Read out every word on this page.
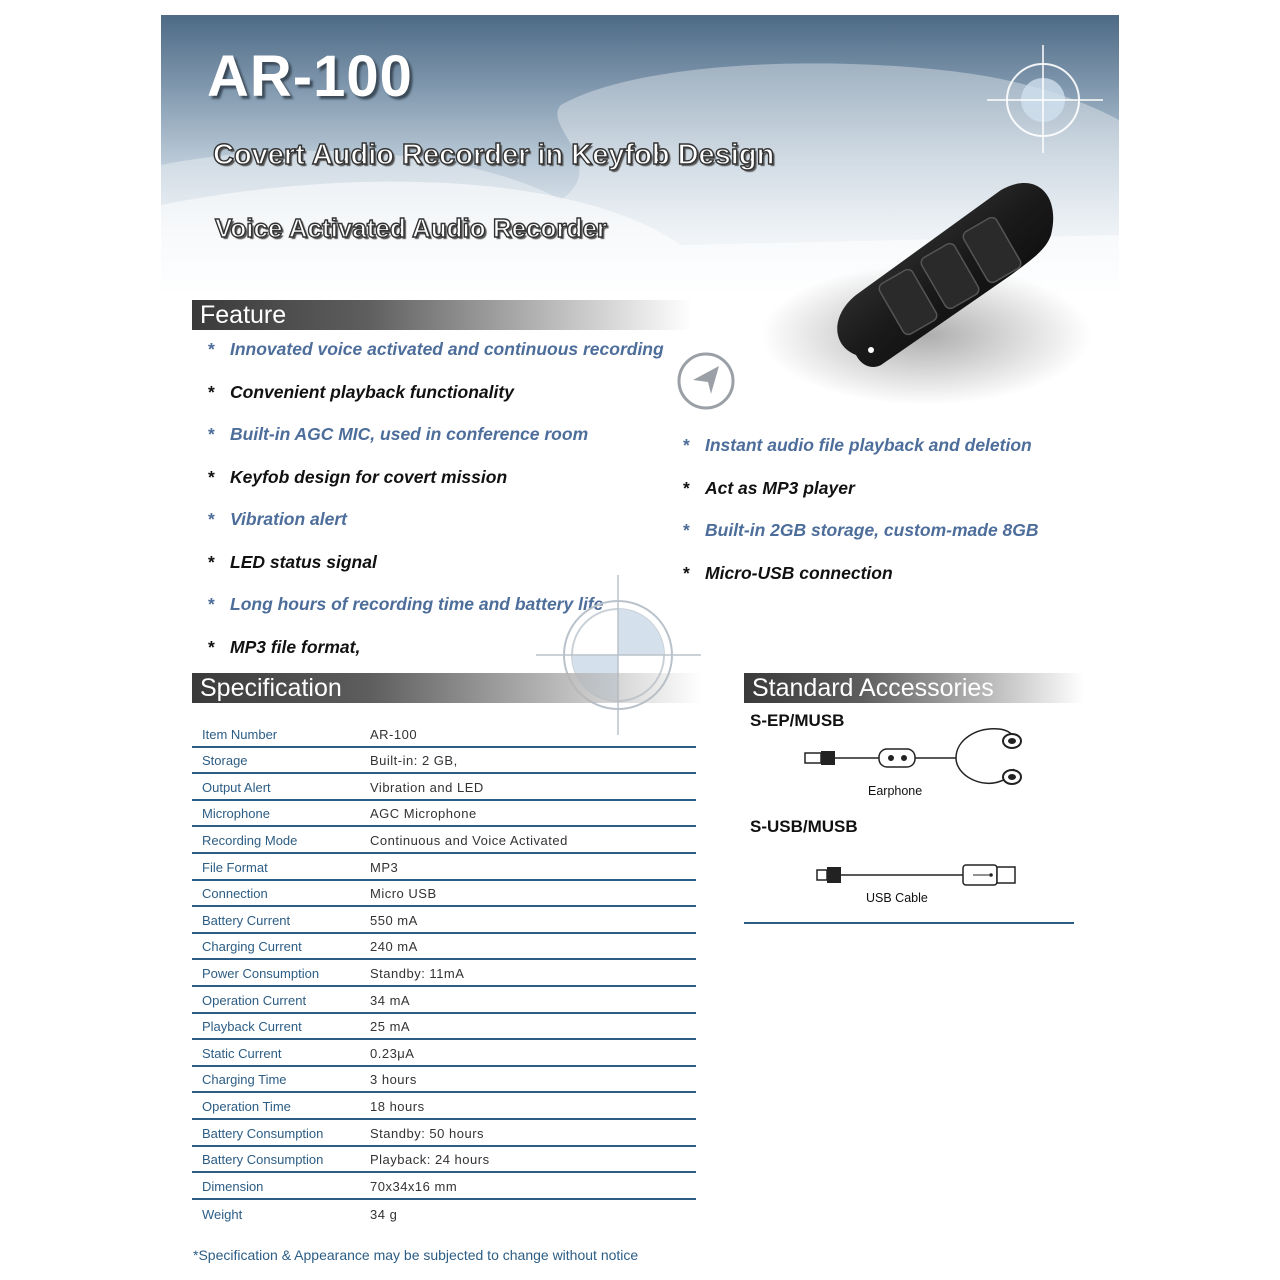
AR-100
Covert Audio Recorder in Keyfob Design
Voice Activated Audio Recorder
Feature
* Innovated voice activated and continuous recording
* Convenient playback functionality
* Built-in AGC MIC, used in conference room
* Keyfob design for covert mission
* Vibration alert
* LED status signal
* Long hours of recording time and battery life
* MP3 file format,
* Instant audio file playback and deletion
* Act as MP3 player
* Built-in 2GB storage, custom-made 8GB
* Micro-USB connection
Specification
Item Number	AR-100
Storage	Built-in: 2 GB,
Output Alert	Vibration and LED
Microphone	AGC Microphone
Recording Mode	Continuous and Voice Activated
File Format	MP3
Connection	Micro USB
Battery Current	550 mA
Charging Current	240 mA
Power Consumption	Standby: 11mA
Operation Current	34 mA
Playback Current	25 mA
Static Current	0.23μA
Charging Time	3 hours
Operation Time	18 hours
Battery Consumption	Standby: 50 hours
Battery Consumption	Playback: 24 hours
Dimension	70x34x16 mm
Weight	34 g
Standard Accessories
S-EP/MUSB
Earphone
S-USB/MUSB
USB Cable
*Specification & Appearance may be subjected to change without notice
